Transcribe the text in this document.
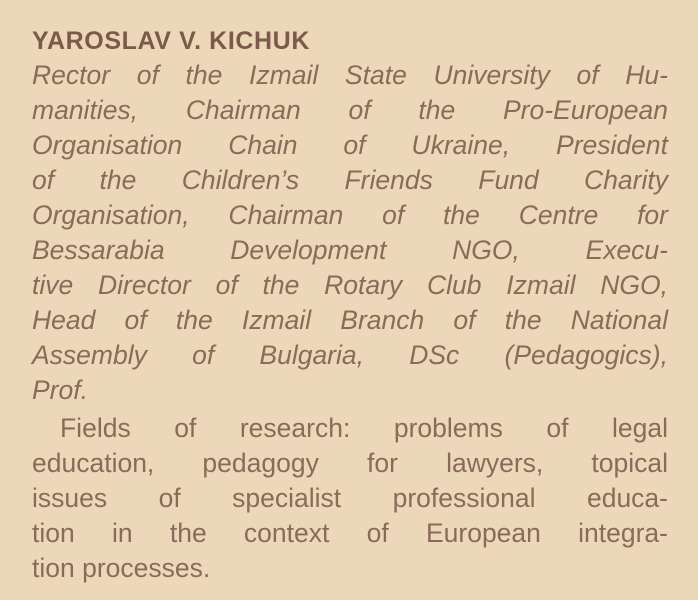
YAROSLAV V. KICHUK
Rector of the Izmail State University of Hu-
manities, Chairman of the Pro-European
Organisation Chain of Ukraine, President
of the Children’s Friends Fund Charity
Organisation, Chairman of the Centre for
Bessarabia Development NGO, Execu-
tive Director of the Rotary Club Izmail NGO,
Head of the Izmail Branch of the National
Assembly of Bulgaria, DSc (Pedagogics),
Prof.
Fields of research: problems of legal
education, pedagogy for lawyers, topical
issues of specialist professional educa-
tion in the context of European integra-
tion processes.
